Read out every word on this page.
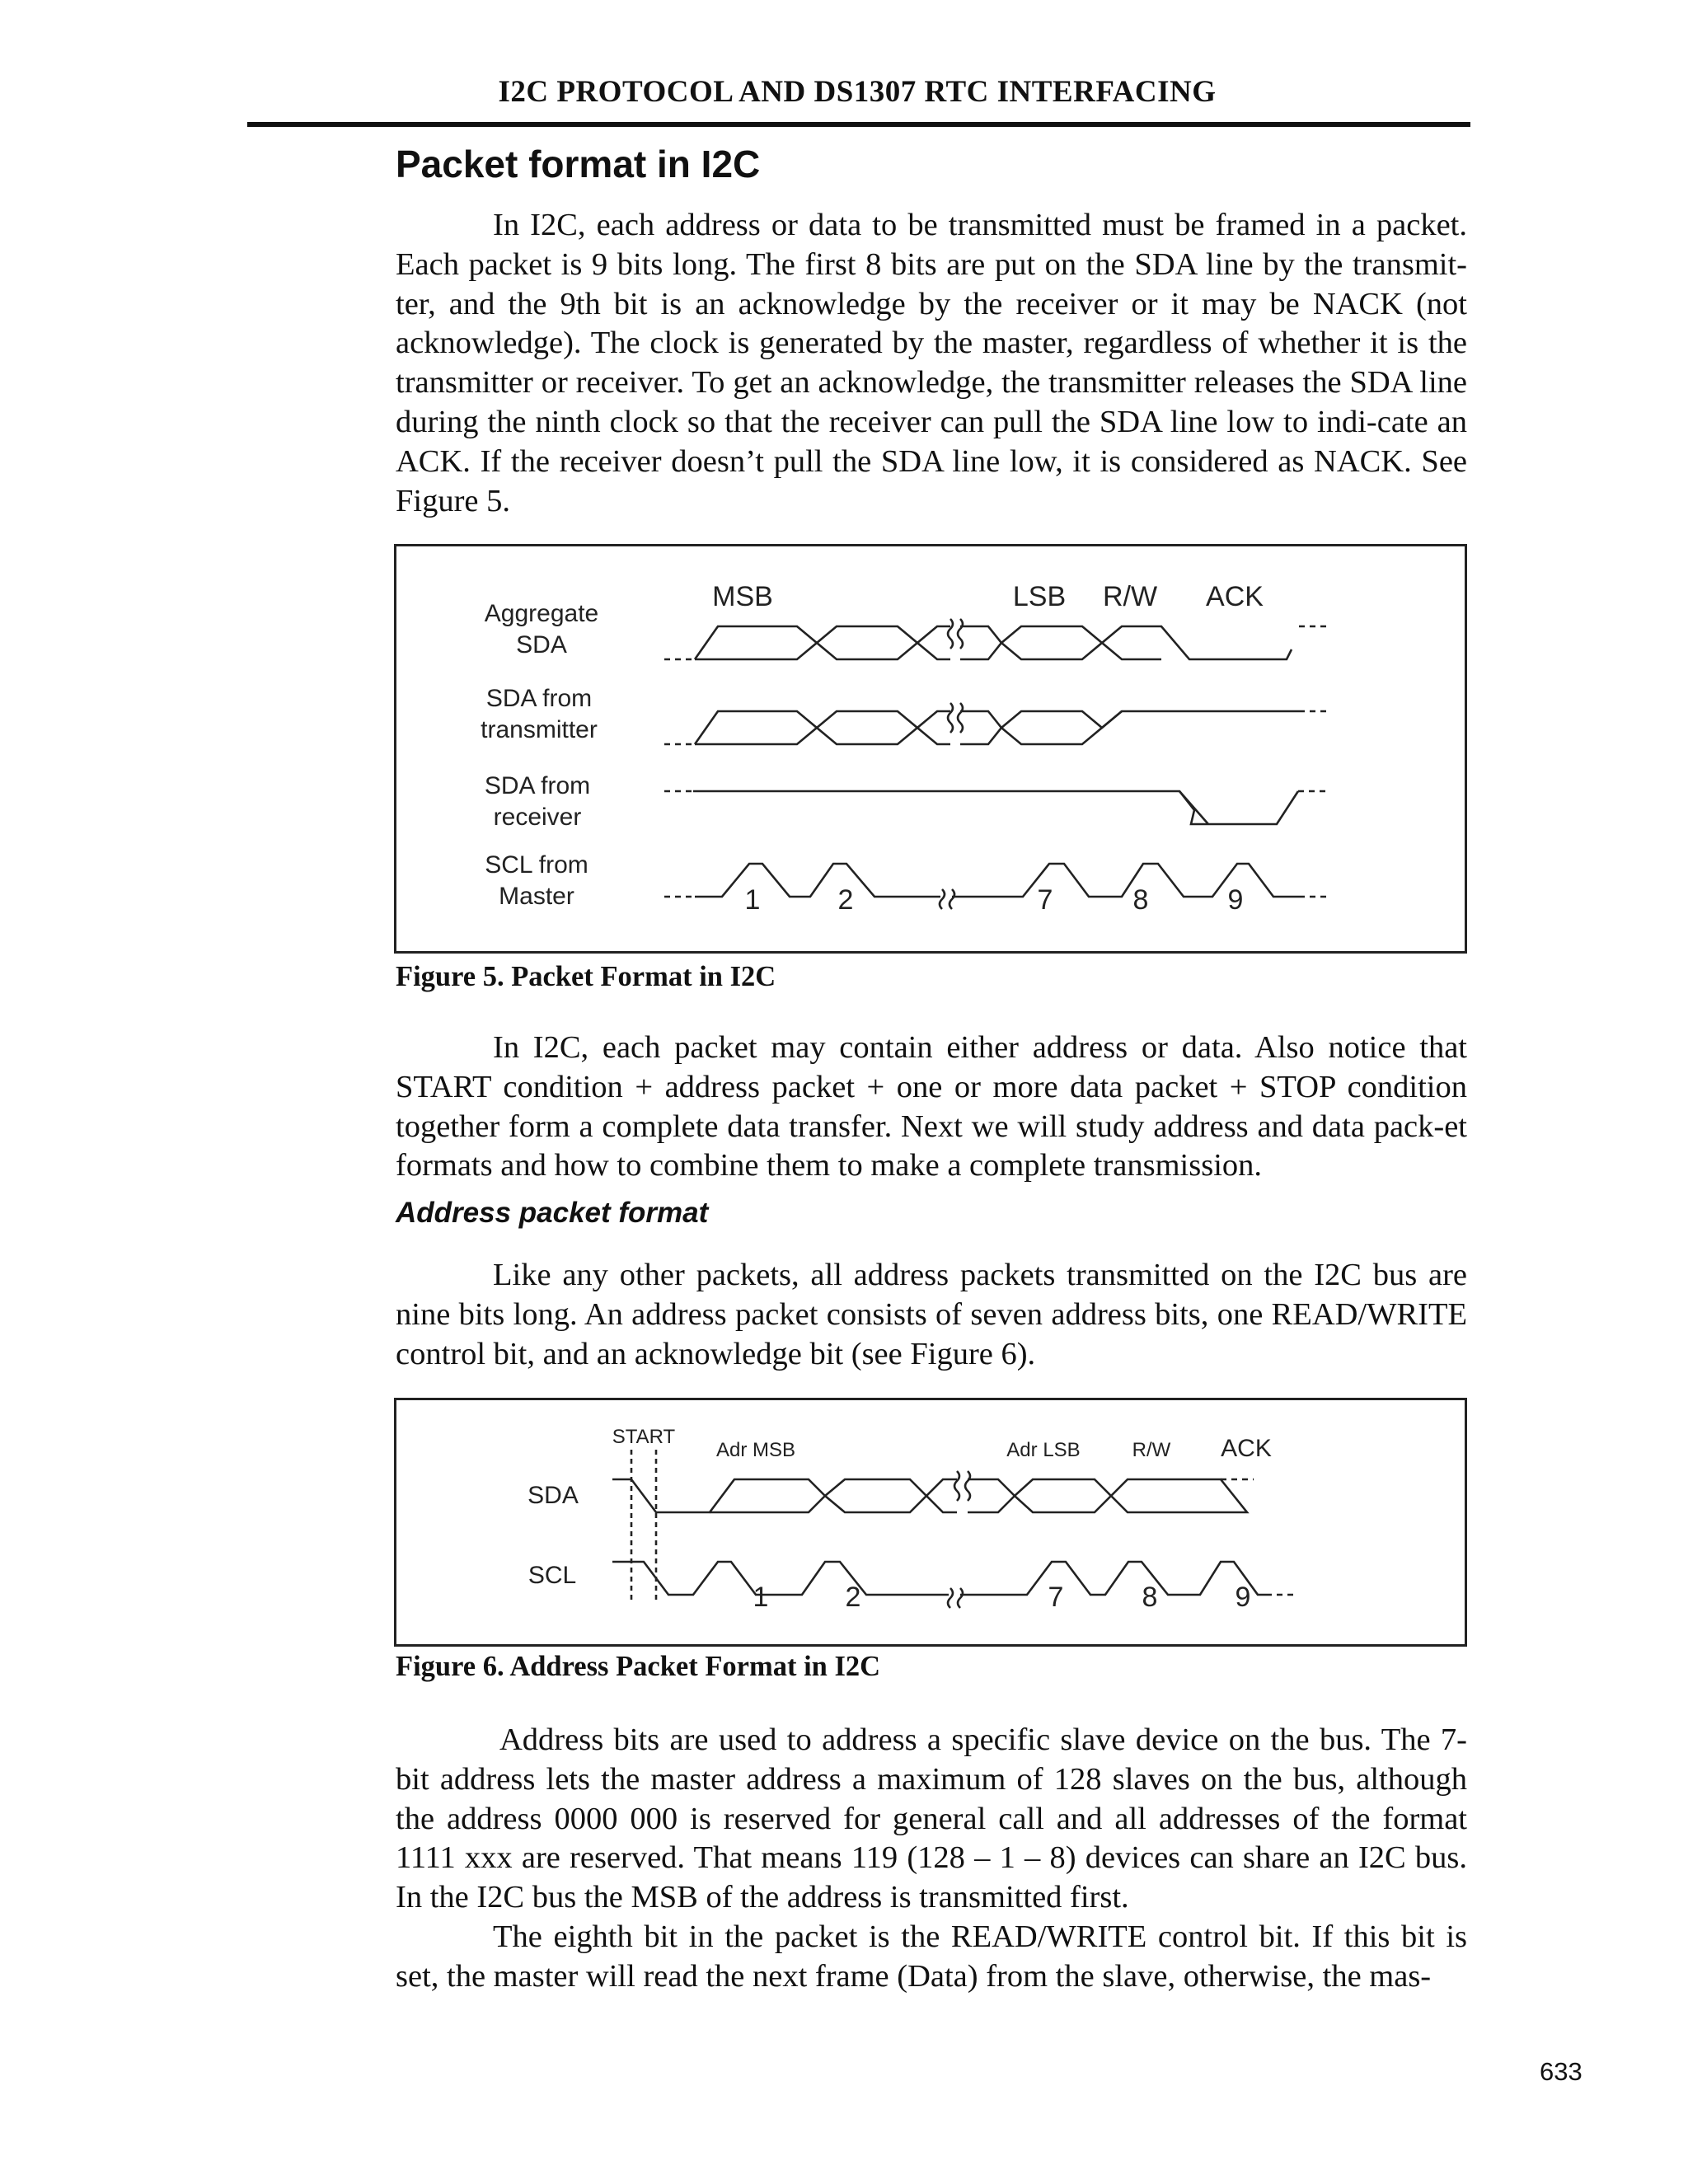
I2C PROTOCOL AND DS1307 RTC INTERFACING
Packet format in I2C

In I2C, each address or data to be transmitted must be framed in a packet. Each packet is 9 bits long. The first 8 bits are put on the SDA line by the transmit-ter, and the 9th bit is an acknowledge by the receiver or it may be NACK (not acknowledge). The clock is generated by the master, regardless of whether it is the transmitter or receiver. To get an acknowledge, the transmitter releases the SDA line during the ninth clock so that the receiver can pull the SDA line low to indi-cate an ACK. If the receiver doesn’t pull the SDA line low, it is considered as NACK. See Figure 5.

Aggregate
SDA
SDA from
transmitter
SDA from
receiver
SCL from
Master
MSB	LSB R/W ACK
1	2	7	8	9
Figure 5. Packet Format in I2C

In I2C, each packet may contain either address or data. Also notice that START condition + address packet + one or more data packet + STOP condition together form a complete data transfer. Next we will study address and data pack-et formats and how to combine them to make a complete transmission.

Address packet format

Like any other packets, all address packets transmitted on the I2C bus are nine bits long. An address packet consists of seven address bits, one READ/WRITE control bit, and an acknowledge bit (see Figure 6).

START
SDA
SCL
Adr MSB	Adr LSB	R/W ACK
1	2	7	8	9
Figure 6. Address Packet Format in I2C

Address bits are used to address a specific slave device on the bus. The 7-bit address lets the master address a maximum of 128 slaves on the bus, although the address 0000 000 is reserved for general call and all addresses of the format 1111 xxx are reserved. That means 119 (128 – 1 – 8) devices can share an I2C bus. In the I2C bus the MSB of the address is transmitted first.

The eighth bit in the packet is the READ/WRITE control bit. If this bit is set, the master will read the next frame (Data) from the slave, otherwise, the mas-

633
